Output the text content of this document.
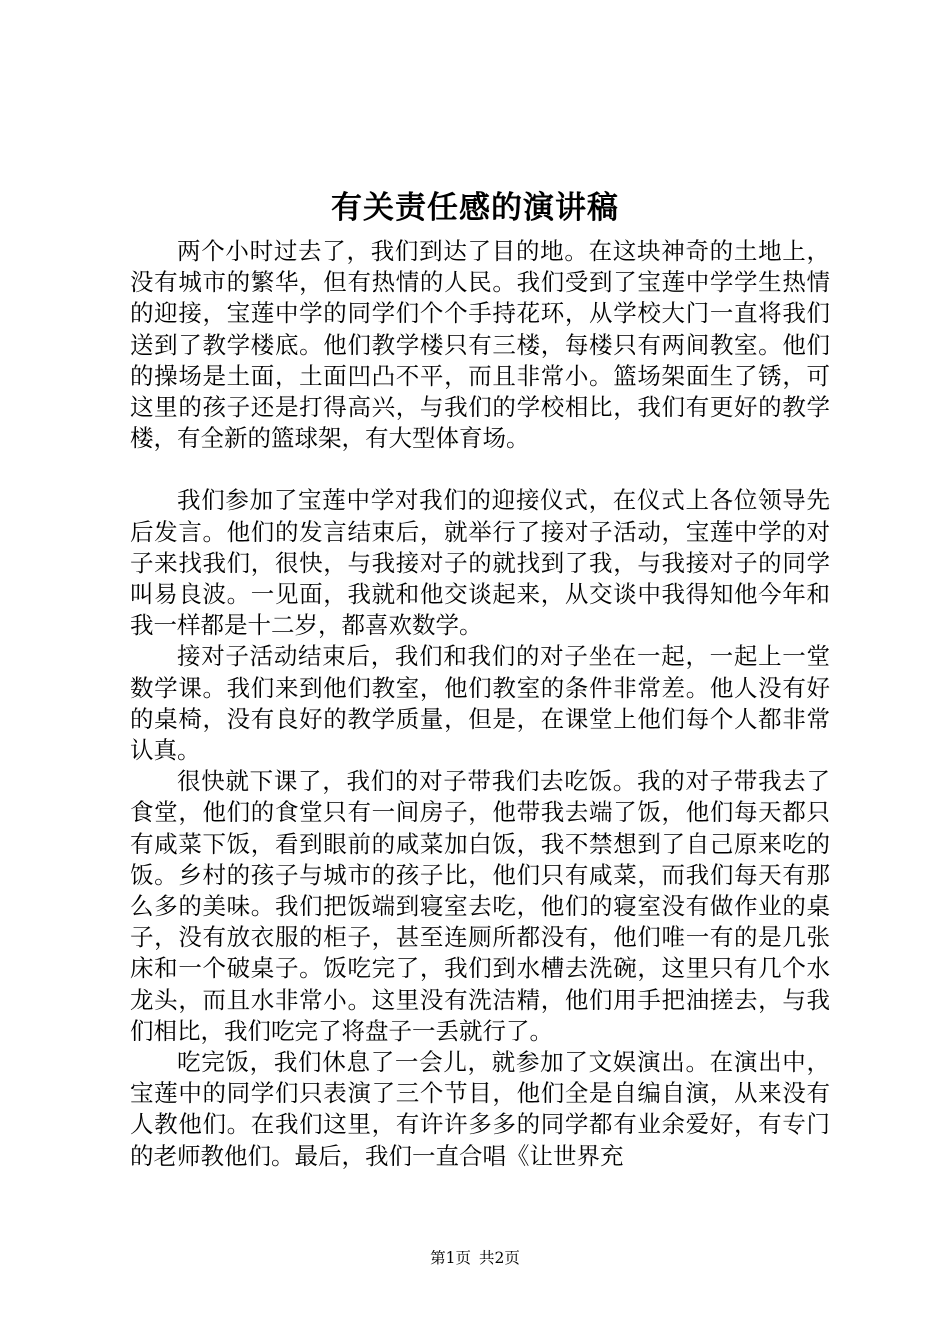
有关责任感的演讲稿

两个小时过去了，我们到达了目的地。在这块神奇的土地上，没有城市的繁华，但有热情的人民。我们受到了宝莲中学学生热情的迎接，宝莲中学的同学们个个手持花环，从学校大门一直将我们送到了教学楼底。他们教学楼只有三楼，每楼只有两间教室。他们的操场是土面，土面凹凸不平，而且非常小。篮场架面生了锈，可这里的孩子还是打得高兴，与我们的学校相比，我们有更好的教学楼，有全新的篮球架，有大型体育场。

我们参加了宝莲中学对我们的迎接仪式，在仪式上各位领导先后发言。他们的发言结束后，就举行了接对子活动，宝莲中学的对子来找我们，很快，与我接对子的就找到了我，与我接对子的同学叫易良波。一见面，我就和他交谈起来，从交谈中我得知他今年和我一样都是十二岁，都喜欢数学。

接对子活动结束后，我们和我们的对子坐在一起，一起上一堂数学课。我们来到他们教室，他们教室的条件非常差。他人没有好的桌椅，没有良好的教学质量，但是，在课堂上他们每个人都非常认真。

很快就下课了，我们的对子带我们去吃饭。我的对子带我去了食堂，他们的食堂只有一间房子，他带我去端了饭，他们每天都只有咸菜下饭，看到眼前的咸菜加白饭，我不禁想到了自己原来吃的饭。乡村的孩子与城市的孩子比，他们只有咸菜，而我们每天有那么多的美味。我们把饭端到寝室去吃，他们的寝室没有做作业的桌子，没有放衣服的柜子，甚至连厕所都没有，他们唯一有的是几张床和一个破桌子。饭吃完了，我们到水槽去洗碗，这里只有几个水龙头，而且水非常小。这里没有洗洁精，他们用手把油搓去，与我们相比，我们吃完了将盘子一丢就行了。

吃完饭，我们休息了一会儿，就参加了文娱演出。在演出中，宝莲中的同学们只表演了三个节目，他们全是自编自演，从来没有人教他们。在我们这里，有许许多多的同学都有业余爱好，有专门的老师教他们。最后，我们一直合唱《让世界充

第1页 共2页
